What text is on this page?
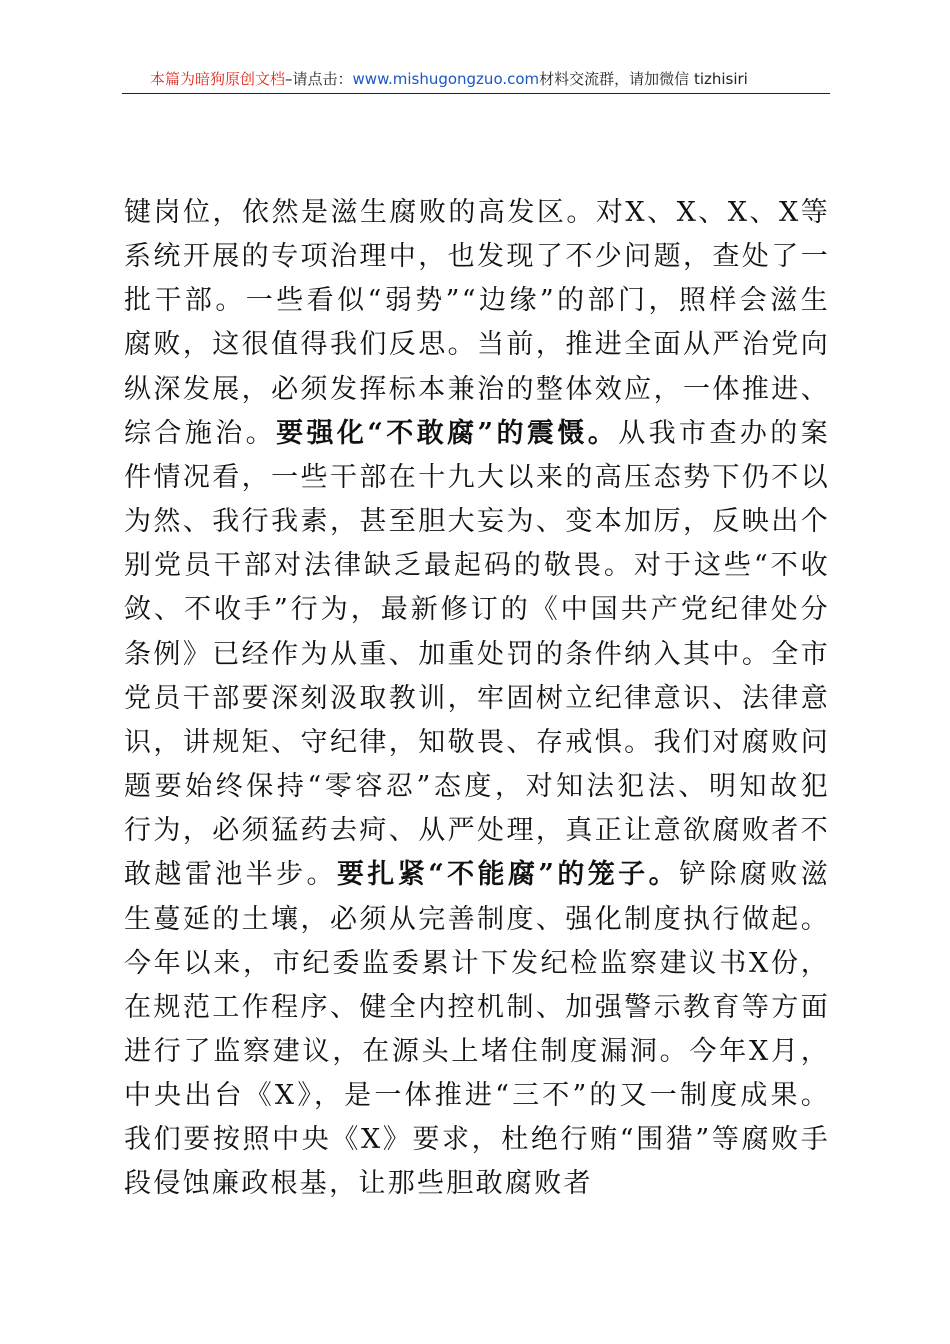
本篇为暗狗原创文档–请点击：www.mishugongzuo.com材料交流群，请加微信 tizhisiri

键岗位，依然是滋生腐败的高发区。对X、X、X、X等系统开展的专项治理中，也发现了不少问题，查处了一批干部。一些看似“弱势”“边缘”的部门，照样会滋生腐败，这很值得我们反思。当前，推进全面从严治党向纵深发展，必须发挥标本兼治的整体效应，一体推进、综合施治。要强化“不敢腐”的震慑。从我市查办的案件情况看，一些干部在十九大以来的高压态势下仍不以为然、我行我素，甚至胆大妄为、变本加厉，反映出个别党员干部对法律缺乏最起码的敬畏。对于这些“不收敛、不收手”行为，最新修订的《中国共产党纪律处分条例》已经作为从重、加重处罚的条件纳入其中。全市党员干部要深刻汲取教训，牢固树立纪律意识、法律意识，讲规矩、守纪律，知敬畏、存戒惧。我们对腐败问题要始终保持“零容忍”态度，对知法犯法、明知故犯行为，必须猛药去疴、从严处理，真正让意欲腐败者不敢越雷池半步。要扎紧“不能腐”的笼子。铲除腐败滋生蔓延的土壤，必须从完善制度、强化制度执行做起。今年以来，市纪委监委累计下发纪检监察建议书X份，在规范工作程序、健全内控机制、加强警示教育等方面进行了监察建议，在源头上堵住制度漏洞。今年X月，中央出台《X》，是一体推进“三不”的又一制度成果。我们要按照中央《X》要求，杜绝行贿“围猎”等腐败手段侵蚀廉政根基，让那些胆敢腐败者
